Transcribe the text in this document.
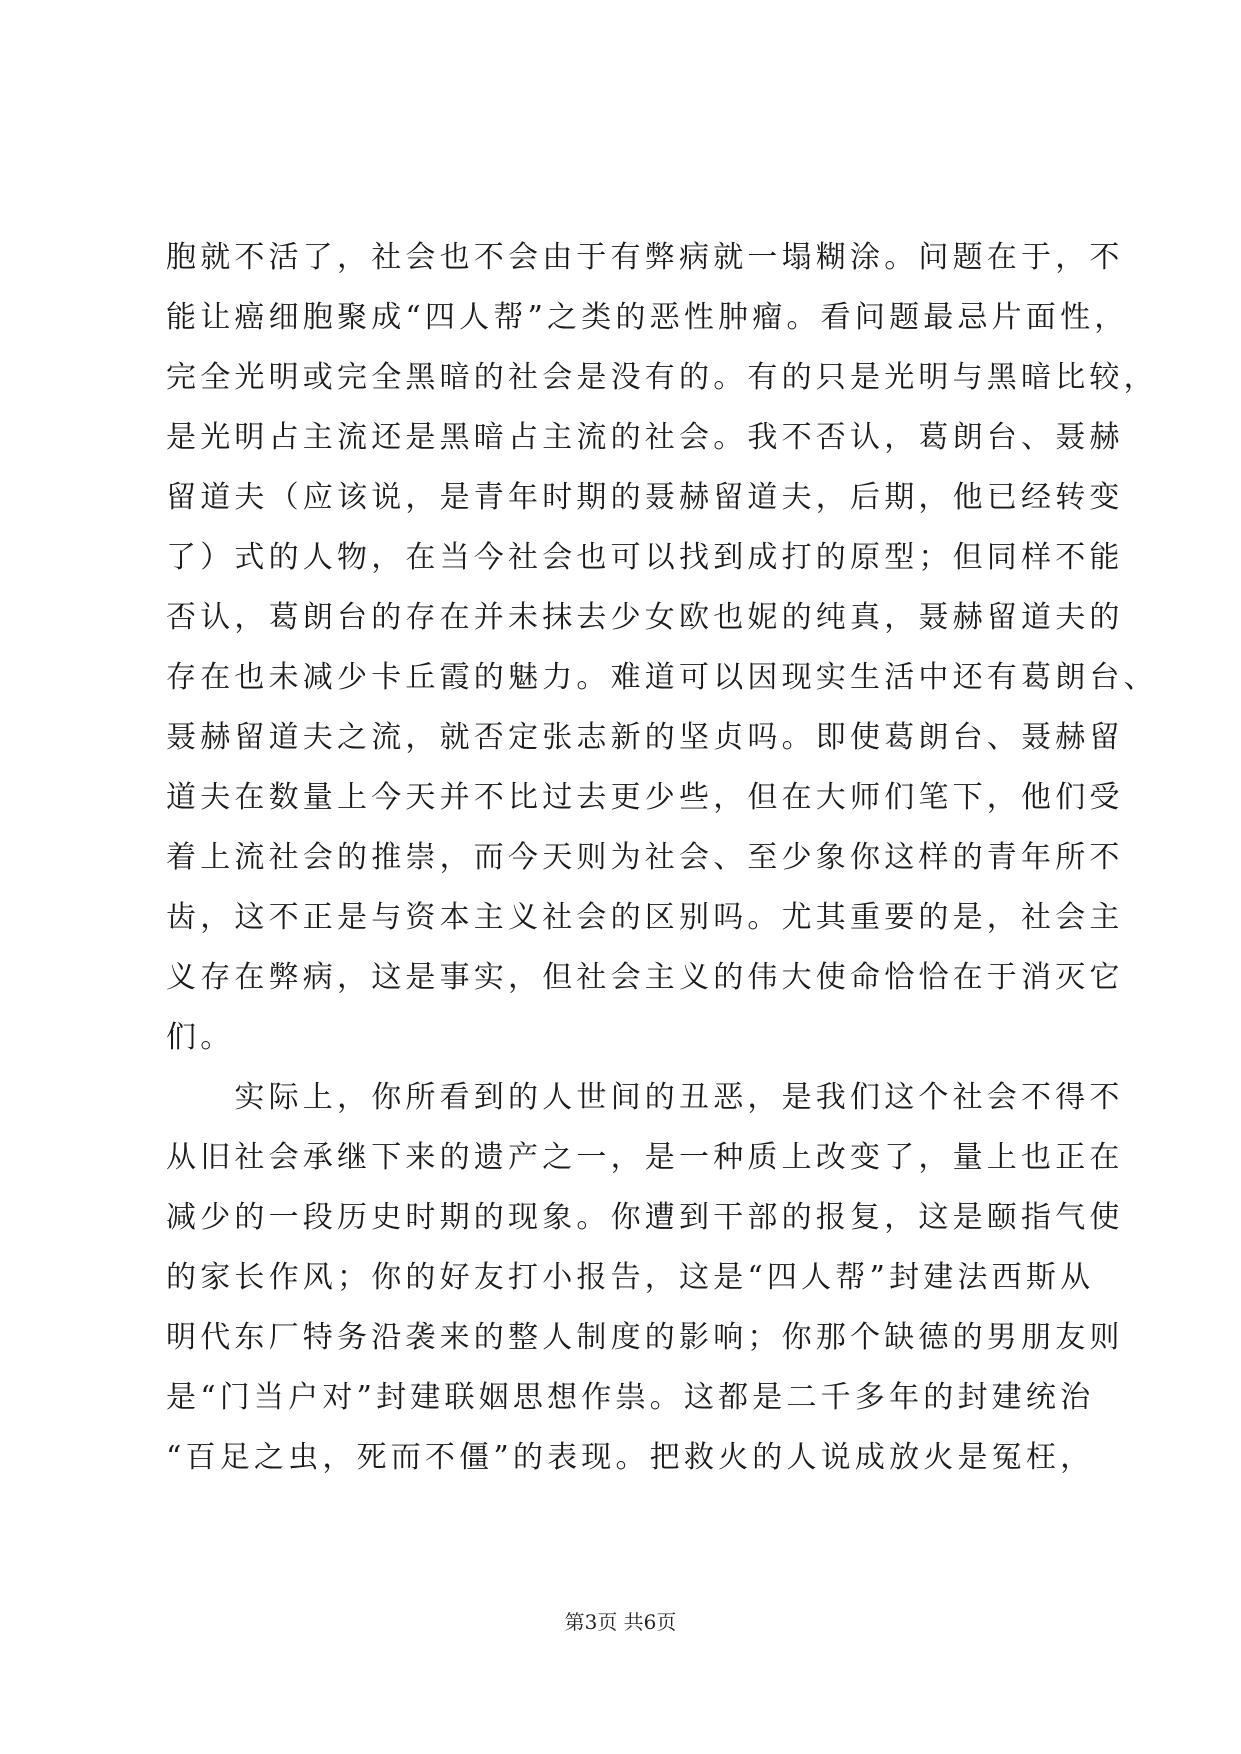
胞就不活了，社会也不会由于有弊病就一塌糊涂。问题在于，不
能让癌细胞聚成“四人帮”之类的恶性肿瘤。看问题最忌片面性，
完全光明或完全黑暗的社会是没有的。有的只是光明与黑暗比较，
是光明占主流还是黑暗占主流的社会。我不否认，葛朗台、聂赫
留道夫（应该说，是青年时期的聂赫留道夫，后期，他已经转变
了）式的人物，在当今社会也可以找到成打的原型；但同样不能
否认，葛朗台的存在并未抹去少女欧也妮的纯真，聂赫留道夫的
存在也未减少卡丘霞的魅力。难道可以因现实生活中还有葛朗台、
聂赫留道夫之流，就否定张志新的坚贞吗。即使葛朗台、聂赫留
道夫在数量上今天并不比过去更少些，但在大师们笔下，他们受
着上流社会的推崇，而今天则为社会、至少象你这样的青年所不
齿，这不正是与资本主义社会的区别吗。尤其重要的是，社会主
义存在弊病，这是事实，但社会主义的伟大使命恰恰在于消灭它
们。
　　实际上，你所看到的人世间的丑恶，是我们这个社会不得不
从旧社会承继下来的遗产之一，是一种质上改变了，量上也正在
减少的一段历史时期的现象。你遭到干部的报复，这是颐指气使
的家长作风；你的好友打小报告，这是“四人帮”封建法西斯从
明代东厂特务沿袭来的整人制度的影响；你那个缺德的男朋友则
是“门当户对”封建联姻思想作祟。这都是二千多年的封建统治
“百足之虫，死而不僵”的表现。把救火的人说成放火是冤枉，
第3页 共6页
